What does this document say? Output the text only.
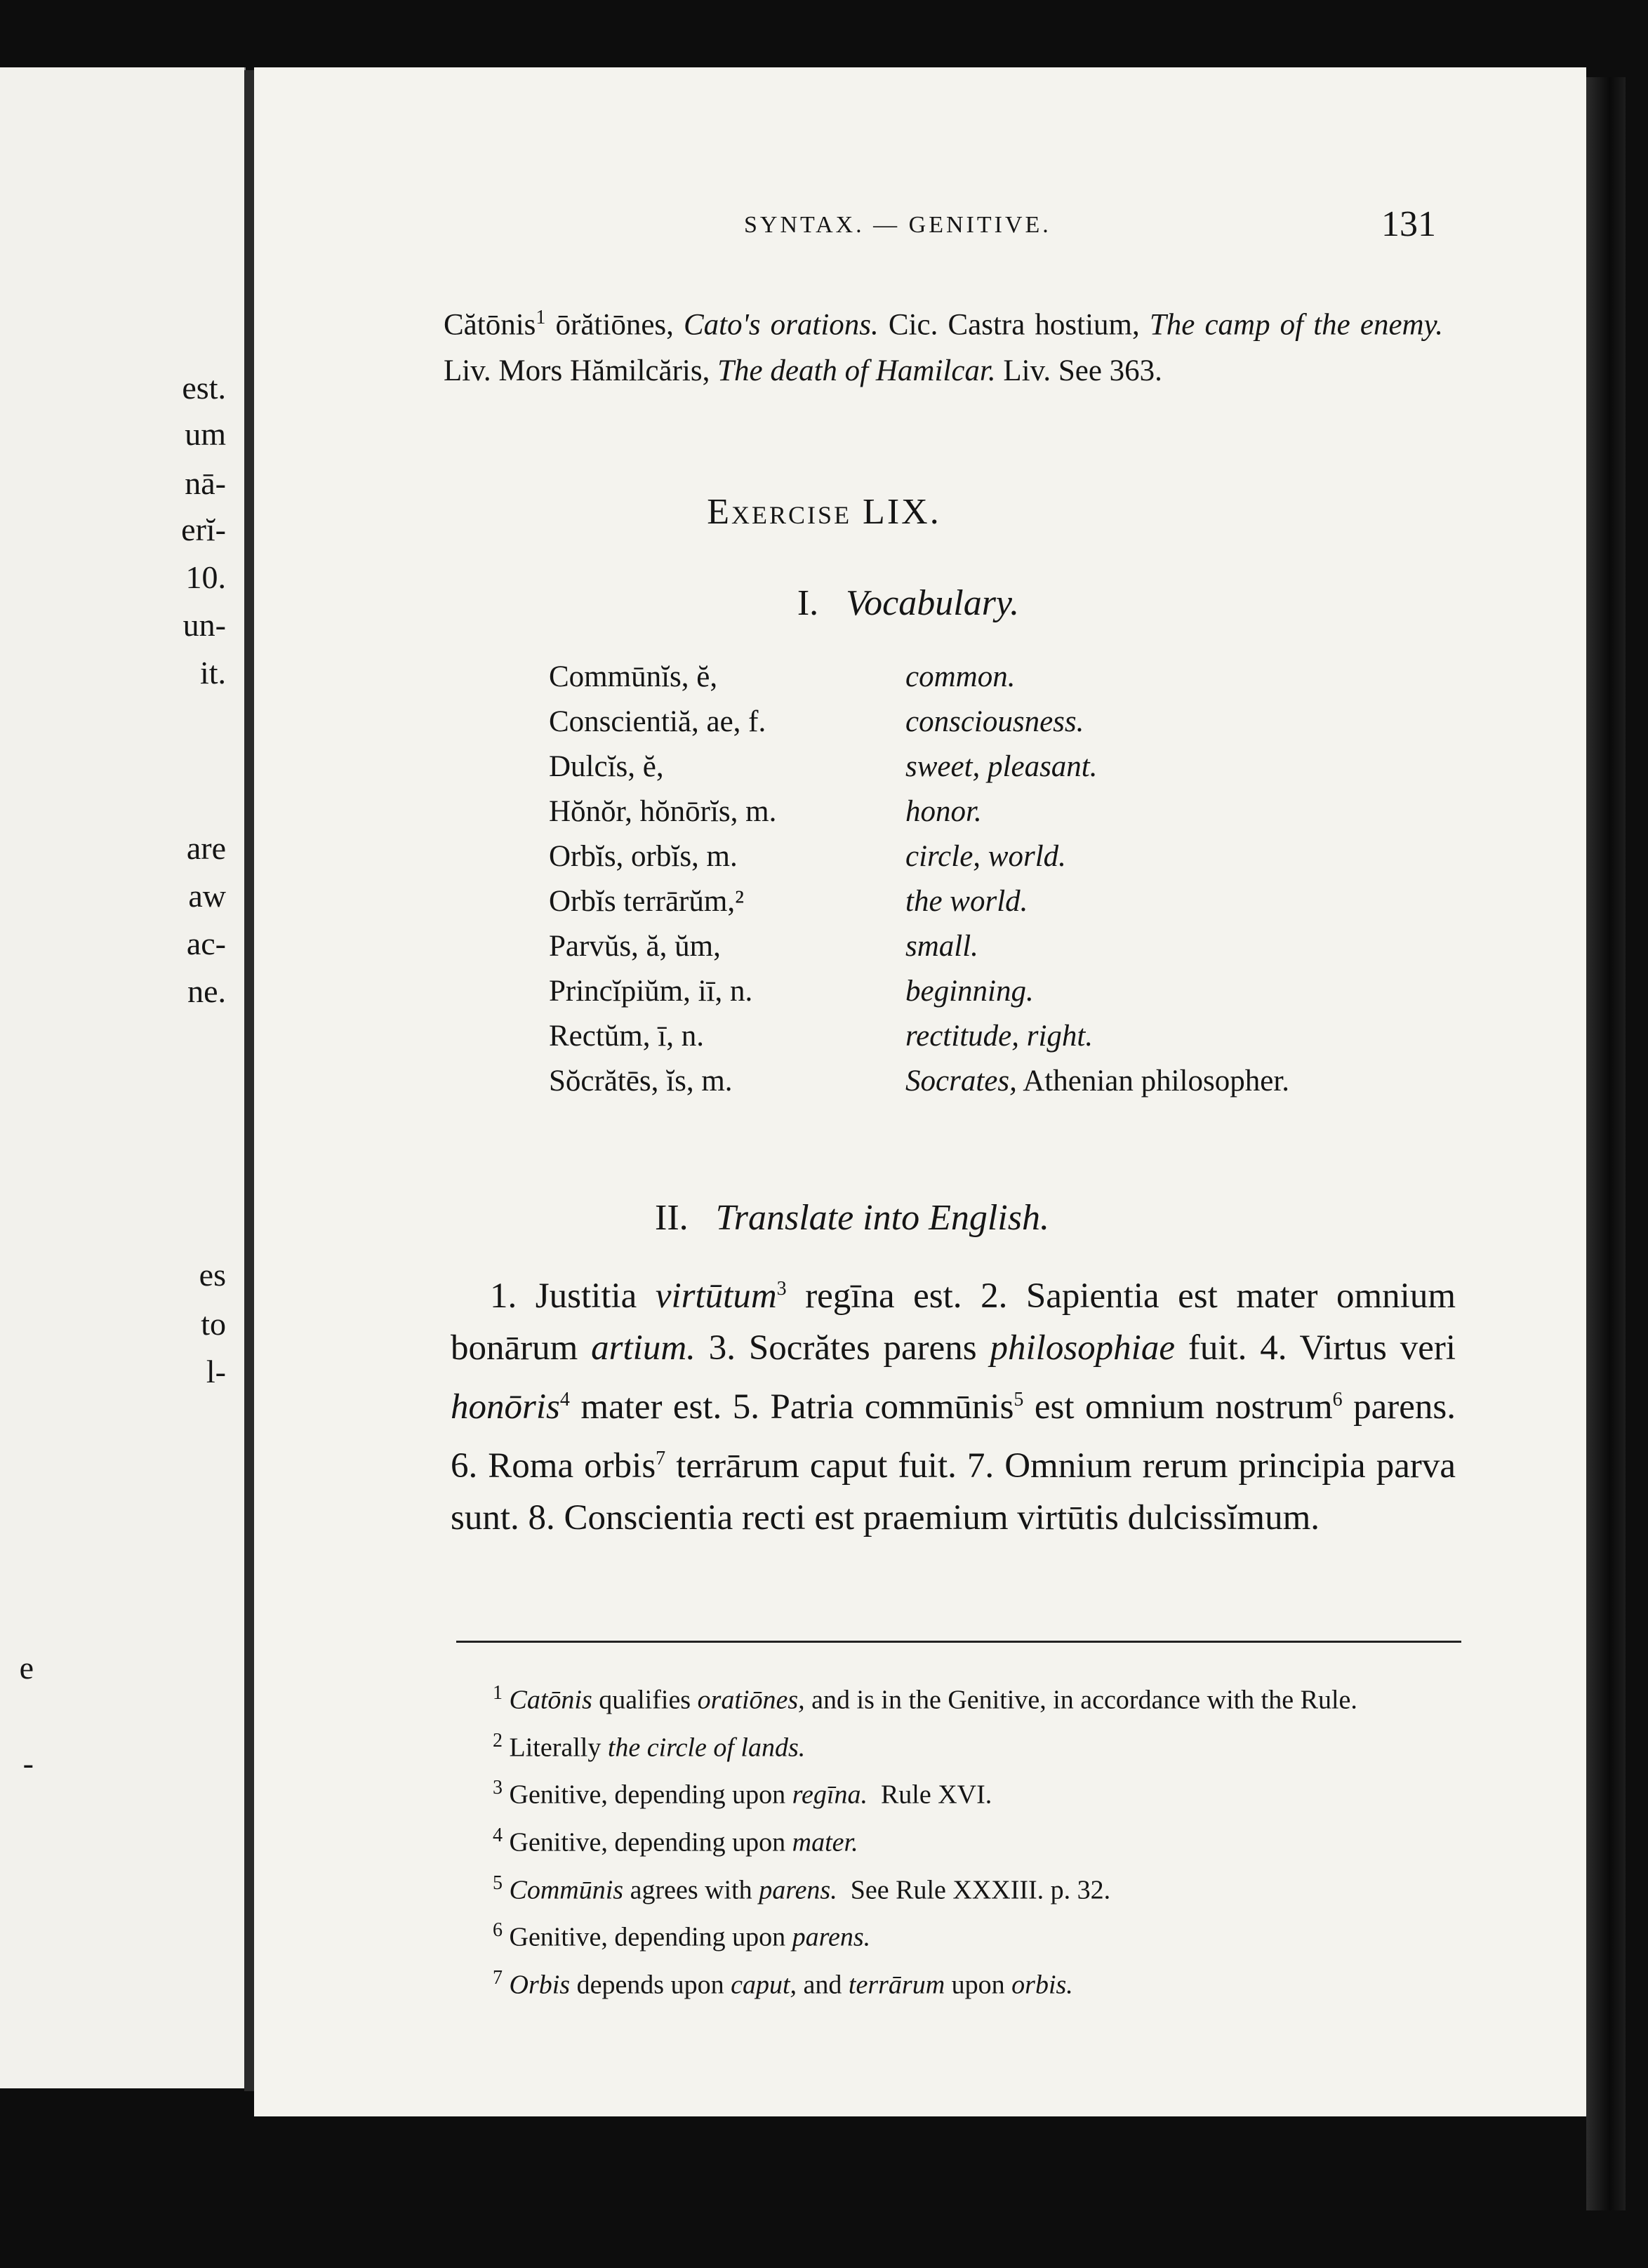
est.
um
nā-
erĭ-
10.
un-
it.
are
aw
ac-
ne.
es
to
l-
e
-
SYNTAX. — GENITIVE.	131
Cătōnis$^1$ ōrătiōnes, Cato's orations. Cic. Castra hostium, The camp of the enemy. Liv. Mors Hămilcăris, The death of Hamilcar. Liv. See 363.
Exercise LIX.
I. Vocabulary.
Commūnĭs, ĕ,	common.
Conscientiă, ae, f.	consciousness.
Dulcĭs, ĕ,	sweet, pleasant.
Hŏnŏr, hŏnōrĭs, m.	honor.
Orbĭs, orbĭs, m.	circle, world.
Orbĭs terrārŭm,²	the world.
Parvŭs, ă, ŭm,	small.
Princĭpiŭm, iī, n.	beginning.
Rectŭm, ī, n.	rectitude, right.
Sŏcrătēs, ĭs, m.	Socrates, Athenian philosopher.
II. Translate into English.
1. Justitia virtūtum$^3$ regīna est. 2. Sapientia est mater omnium bonārum artium. 3. Socrătes parens philosophiae fuit. 4. Virtus veri honōris$^4$ mater est. 5. Patria commūnis$^5$ est omnium nostrum$^6$ parens. 6. Roma orbis$^7$ terrārum caput fuit. 7. Omnium rerum principia parva sunt. 8. Conscientia recti est praemium virtūtis dulcissĭmum.
$^1$ Catōnis qualifies oratiōnes, and is in the Genitive, in accordance with the Rule.
$^2$ Literally the circle of lands.
$^3$ Genitive, depending upon regīna. Rule XVI.
$^4$ Genitive, depending upon mater.
$^5$ Commūnis agrees with parens. See Rule XXXIII. p. 32.
$^6$ Genitive, depending upon parens.
$^7$ Orbis depends upon caput, and terrārum upon orbis.
